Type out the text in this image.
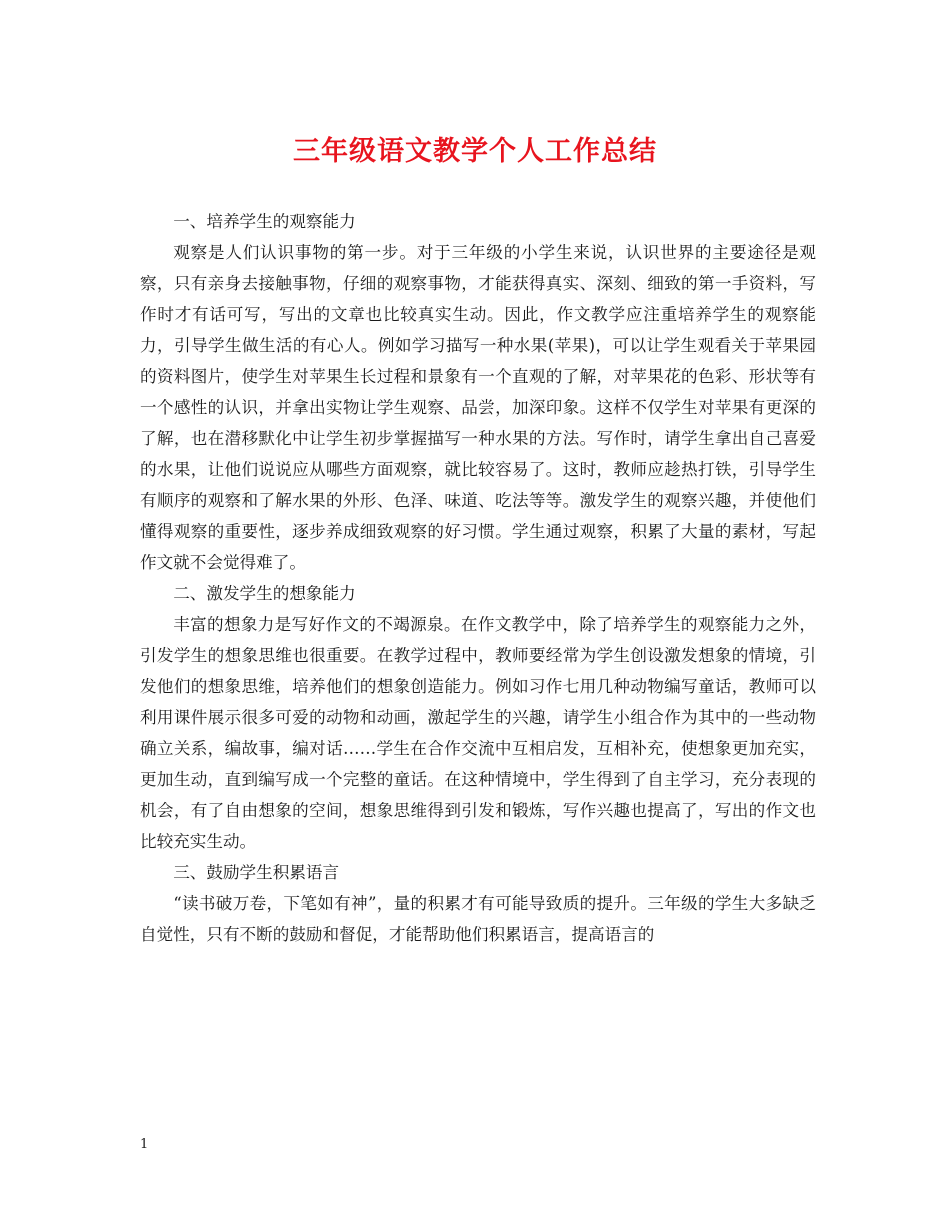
三年级语文教学个人工作总结

一、培养学生的观察能力

观察是人们认识事物的第一步。对于三年级的小学生来说，认识世界的主要途径是观察，只有亲身去接触事物，仔细的观察事物，才能获得真实、深刻、细致的第一手资料，写作时才有话可写，写出的文章也比较真实生动。因此，作文教学应注重培养学生的观察能力，引导学生做生活的有心人。例如学习描写一种水果(苹果)，可以让学生观看关于苹果园的资料图片，使学生对苹果生长过程和景象有一个直观的了解，对苹果花的色彩、形状等有一个感性的认识，并拿出实物让学生观察、品尝，加深印象。这样不仅学生对苹果有更深的了解，也在潜移默化中让学生初步掌握描写一种水果的方法。写作时，请学生拿出自己喜爱的水果，让他们说说应从哪些方面观察，就比较容易了。这时，教师应趁热打铁，引导学生有顺序的观察和了解水果的外形、色泽、味道、吃法等等。激发学生的观察兴趣，并使他们懂得观察的重要性，逐步养成细致观察的好习惯。学生通过观察，积累了大量的素材，写起作文就不会觉得难了。

二、激发学生的想象能力

丰富的想象力是写好作文的不竭源泉。在作文教学中，除了培养学生的观察能力之外，引发学生的想象思维也很重要。在教学过程中，教师要经常为学生创设激发想象的情境，引发他们的想象思维，培养他们的想象创造能力。例如习作七用几种动物编写童话，教师可以利用课件展示很多可爱的动物和动画，激起学生的兴趣，请学生小组合作为其中的一些动物确立关系，编故事，编对话……学生在合作交流中互相启发，互相补充，使想象更加充实，更加生动，直到编写成一个完整的童话。在这种情境中，学生得到了自主学习，充分表现的机会，有了自由想象的空间，想象思维得到引发和锻炼，写作兴趣也提高了，写出的作文也比较充实生动。

三、鼓励学生积累语言

“读书破万卷，下笔如有神”，量的积累才有可能导致质的提升。三年级的学生大多缺乏自觉性，只有不断的鼓励和督促，才能帮助他们积累语言，提高语言的

1
